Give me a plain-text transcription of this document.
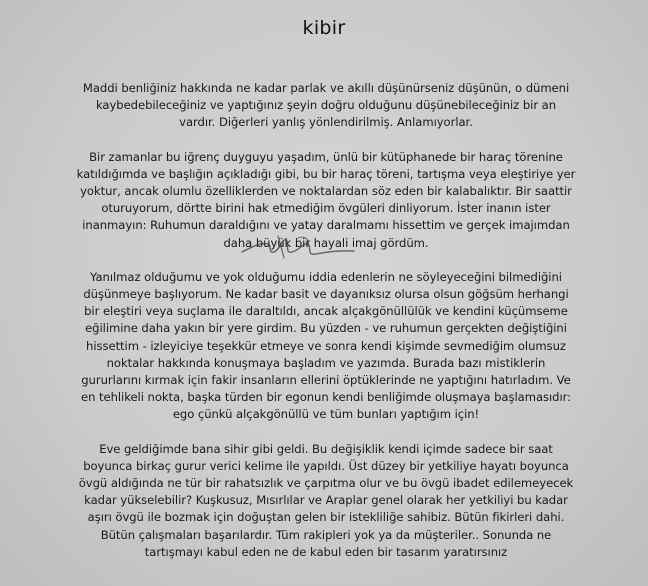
kibir

Maddi benliğiniz hakkında ne kadar parlak ve akıllı düşünürseniz düşünün, o dümeni
kaybedebileceğiniz ve yaptığınız şeyin doğru olduğunu düşünebileceğiniz bir an
vardır. Diğerleri yanlış yönlendirilmiş. Anlamıyorlar.

Bir zamanlar bu iğrenç duyguyu yaşadım, ünlü bir kütüphanede bir haraç törenine
katıldığımda ve başlığın açıkladığı gibi, bu bir haraç töreni, tartışma veya eleştiriye yer
yoktur, ancak olumlu özelliklerden ve noktalardan söz eden bir kalabalıktır. Bir saattir
oturuyorum, dörtte birini hak etmediğim övgüleri dinliyorum. İster inanın ister
inanmayın: Ruhumun daraldığını ve yatay daralmamı hissettim ve gerçek imajımdan
daha büyük bir hayali imaj gördüm.

Yanılmaz olduğumu ve yok olduğumu iddia edenlerin ne söyleyeceğini bilmediğini
düşünmeye başlıyorum. Ne kadar basit ve dayanıksız olursa olsun göğsüm herhangi
bir eleştiri veya suçlama ile daraltıldı, ancak alçakgönüllülük ve kendini küçümseme
eğilimine daha yakın bir yere girdim. Bu yüzden - ve ruhumun gerçekten değiştiğini
hissettim - izleyiciye teşekkür etmeye ve sonra kendi kişimde sevmediğim olumsuz
noktalar hakkında konuşmaya başladım ve yazımda. Burada bazı mistiklerin
gururlarını kırmak için fakir insanların ellerini öptüklerinde ne yaptığını hatırladım. Ve
en tehlikeli nokta, başka türden bir egonun kendi benliğimde oluşmaya başlamasıdır:
ego çünkü alçakgönüllü ve tüm bunları yaptığım için!

Eve geldiğimde bana sihir gibi geldi. Bu değişiklik kendi içimde sadece bir saat
boyunca birkaç gurur verici kelime ile yapıldı. Üst düzey bir yetkiliye hayatı boyunca
övgü aldığında ne tür bir rahatsızlık ve çarpıtma olur ve bu övgü ibadet edilemeyecek
kadar yükselebilir? Kuşkusuz, Mısırlılar ve Araplar genel olarak her yetkiliyi bu kadar
aşırı övgü ile bozmak için doğuştan gelen bir istekliliğe sahibiz. Bütün fikirleri dahi.
Bütün çalışmaları başarılardır. Tüm rakipleri yok ya da müşteriler.. Sonunda ne
tartışmayı kabul eden ne de kabul eden bir tasarım yaratırsınız
